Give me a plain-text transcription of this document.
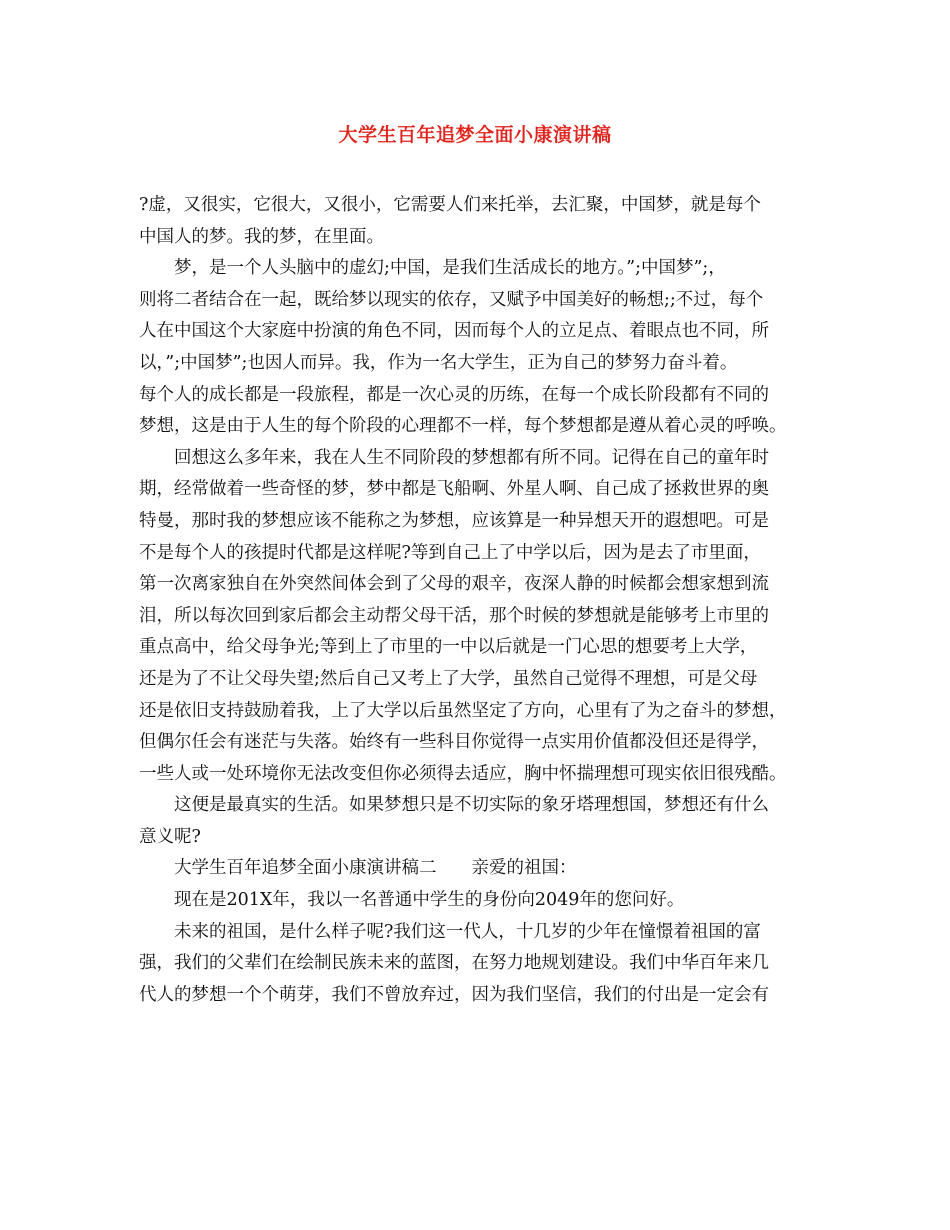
大学生百年追梦全面小康演讲稿
?虚，又很实，它很大，又很小，它需要人们来托举，去汇聚，中国梦，就是每个
中国人的梦。我的梦，在里面。
梦，是一个人头脑中的虚幻;中国，是我们生活成长的地方。”;中国梦”;，
则将二者结合在一起，既给梦以现实的依存，又赋予中国美好的畅想;;不过，每个
人在中国这个大家庭中扮演的角色不同，因而每个人的立足点、着眼点也不同，所
以，”;中国梦”;也因人而异。我，作为一名大学生，正为自己的梦努力奋斗着。
每个人的成长都是一段旅程，都是一次心灵的历练，在每一个成长阶段都有不同的
梦想，这是由于人生的每个阶段的心理都不一样，每个梦想都是遵从着心灵的呼唤。
回想这么多年来，我在人生不同阶段的梦想都有所不同。记得在自己的童年时
期，经常做着一些奇怪的梦，梦中都是飞船啊、外星人啊、自己成了拯救世界的奥
特曼，那时我的梦想应该不能称之为梦想，应该算是一种异想天开的遐想吧。可是
不是每个人的孩提时代都是这样呢?等到自己上了中学以后，因为是去了市里面，
第一次离家独自在外突然间体会到了父母的艰辛，夜深人静的时候都会想家想到流
泪，所以每次回到家后都会主动帮父母干活，那个时候的梦想就是能够考上市里的
重点高中，给父母争光;等到上了市里的一中以后就是一门心思的想要考上大学，
还是为了不让父母失望;然后自己又考上了大学，虽然自己觉得不理想，可是父母
还是依旧支持鼓励着我，上了大学以后虽然坚定了方向，心里有了为之奋斗的梦想，
但偶尔任会有迷茫与失落。始终有一些科目你觉得一点实用价值都没但还是得学，
一些人或一处环境你无法改变但你必须得去适应，胸中怀揣理想可现实依旧很残酷。
这便是最真实的生活。如果梦想只是不切实际的象牙塔理想国，梦想还有什么
意义呢?
大学生百年追梦全面小康演讲稿二　　亲爱的祖国：
现在是201X年，我以一名普通中学生的身份向2049年的您问好。
未来的祖国，是什么样子呢?我们这一代人，十几岁的少年在憧憬着祖国的富
强，我们的父辈们在绘制民族未来的蓝图，在努力地规划建设。我们中华百年来几
代人的梦想一个个萌芽，我们不曾放弃过，因为我们坚信，我们的付出是一定会有
